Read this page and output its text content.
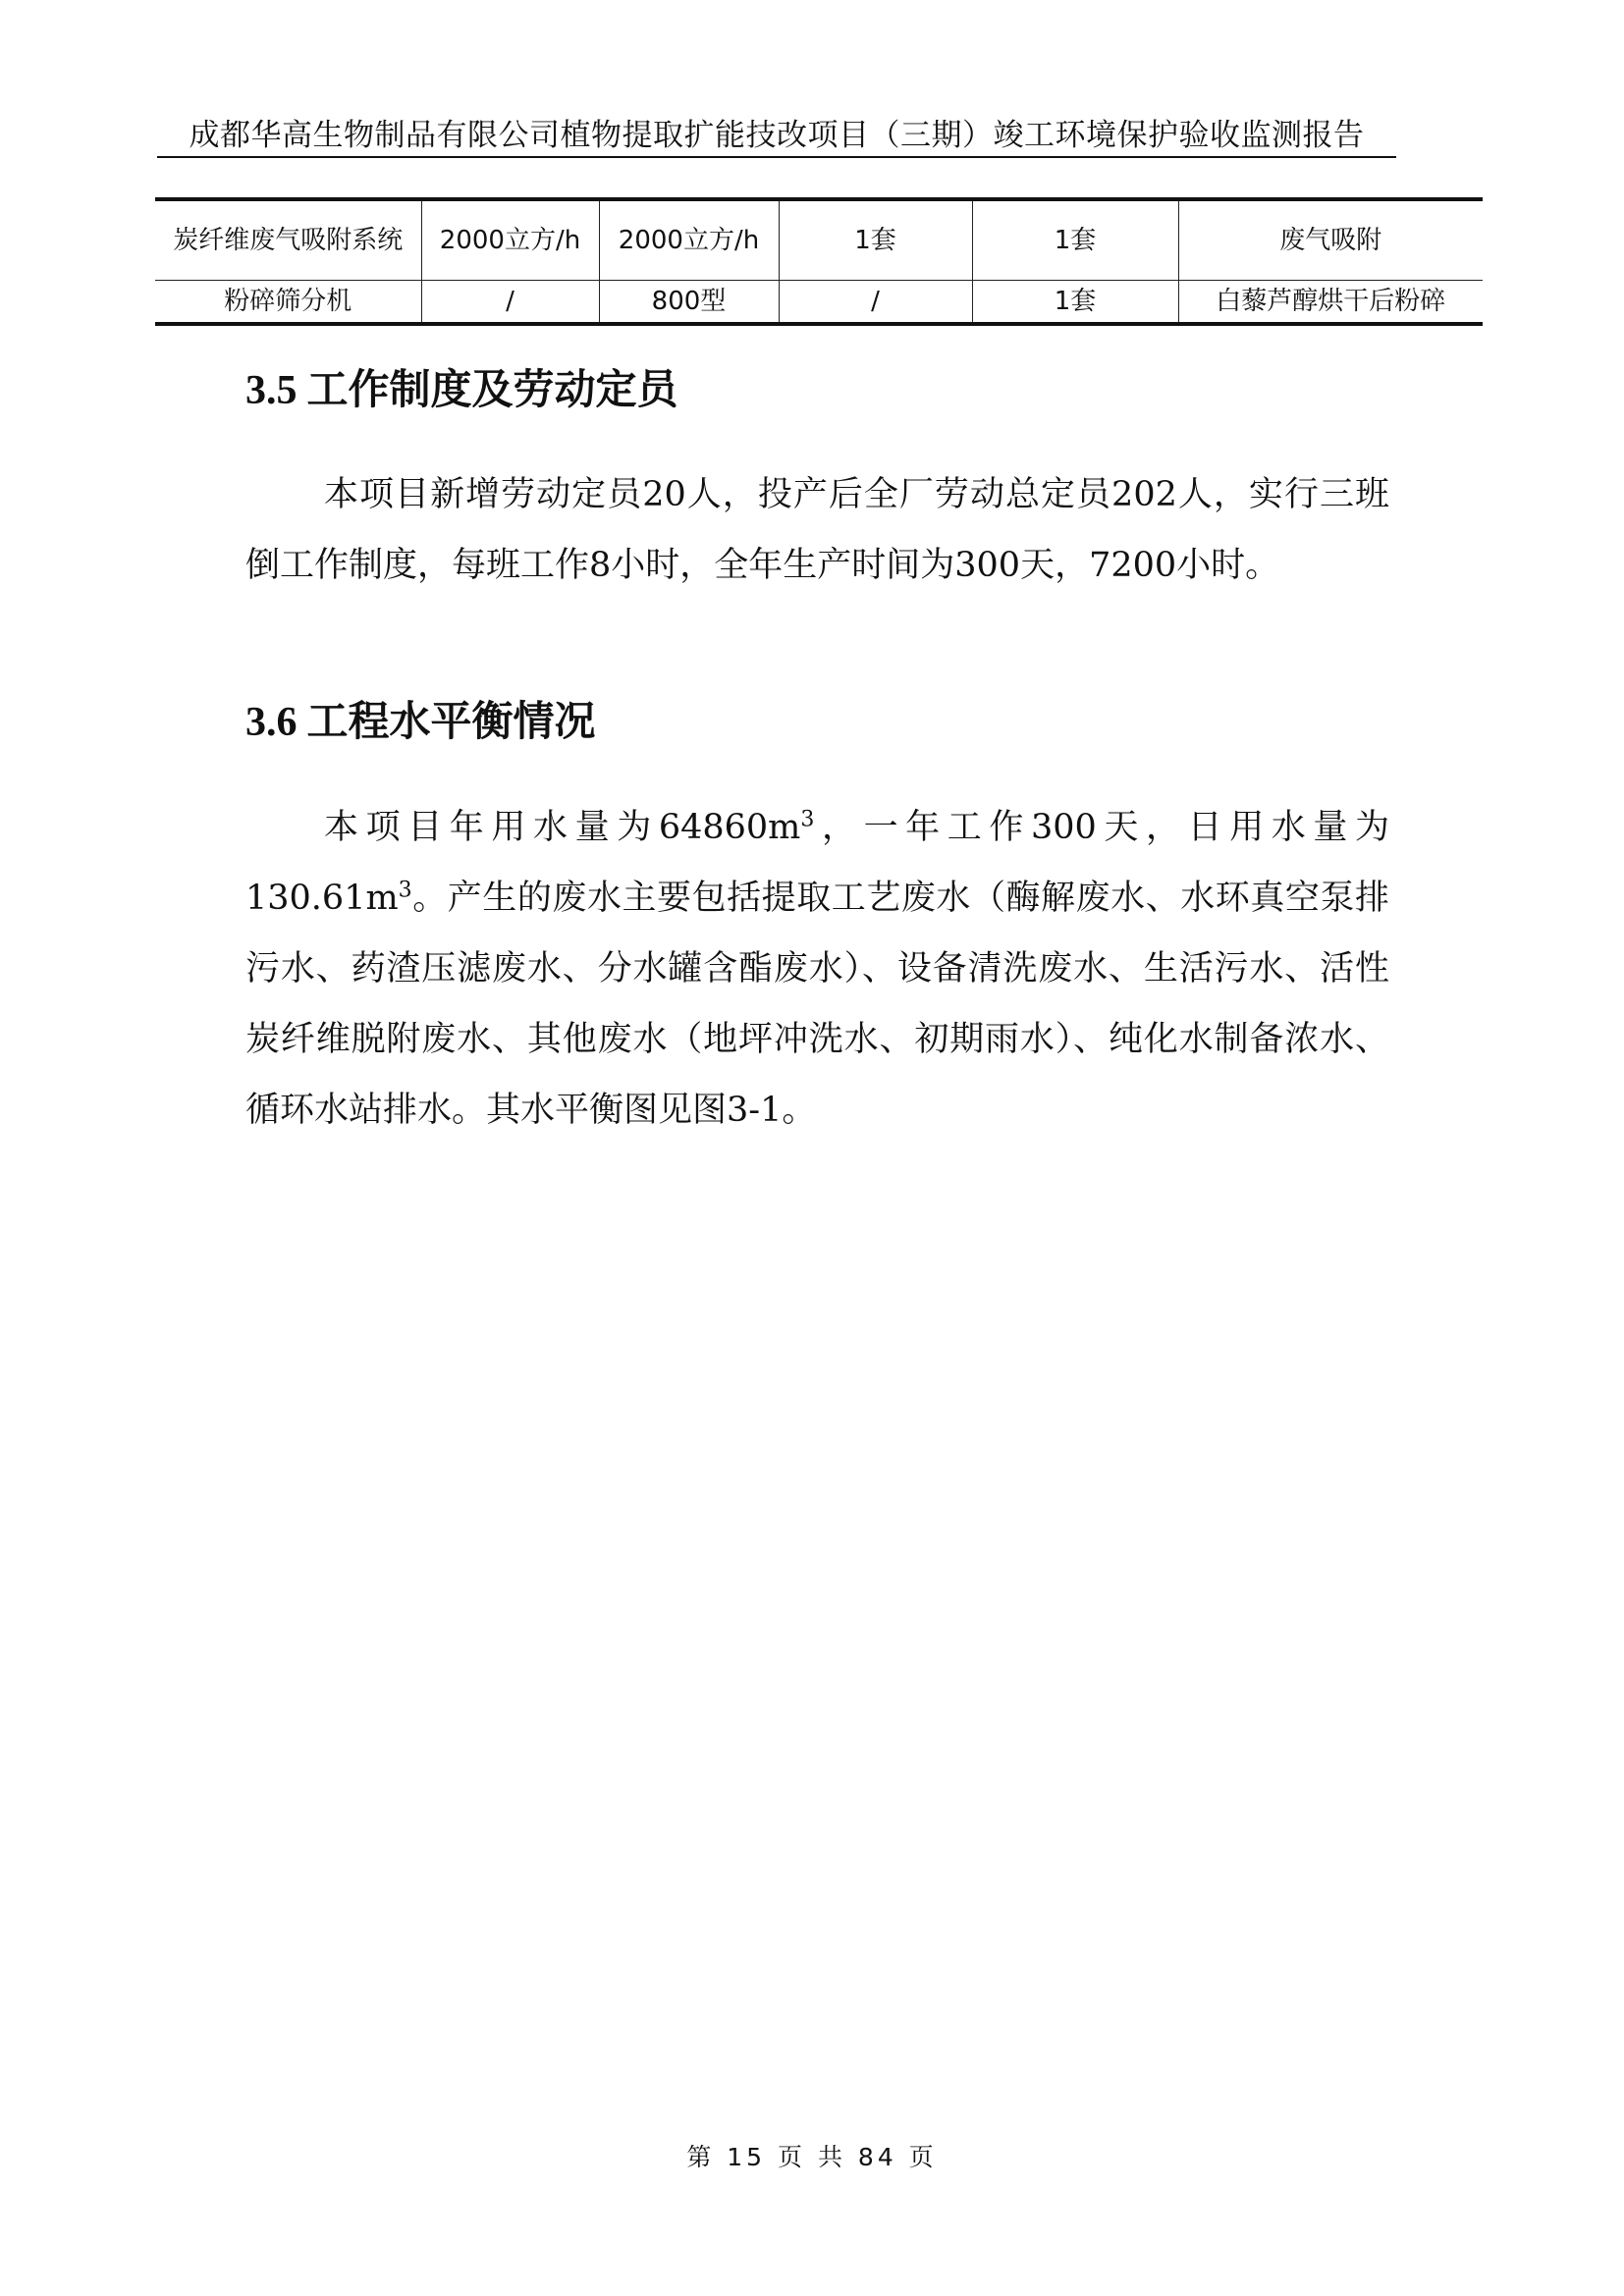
成都华高生物制品有限公司植物提取扩能技改项目（三期）竣工环境保护验收监测报告
炭纤维废气吸附系统	2000立方/h	2000立方/h	1套	1套	废气吸附
粉碎筛分机	/	800型	/	1套	白藜芦醇烘干后粉碎
3.5 工作制度及劳动定员
本项目新增劳动定员20人，投产后全厂劳动总定员202人，实行三班倒工作制度，每班工作8小时，全年生产时间为300天，7200小时。
3.6 工程水平衡情况
本项目年用水量为$64860m^3$，一年工作300天，日用水量为$130.61m^3$。产生的废水主要包括提取工艺废水（酶解废水、水环真空泵排污水、药渣压滤废水、分水罐含酯废水）、设备清洗废水、生活污水、活性炭纤维脱附废水、其他废水（地坪冲洗水、初期雨水）、纯化水制备浓水、循环水站排水。其水平衡图见图3-1。
第 15 页 共 84 页
